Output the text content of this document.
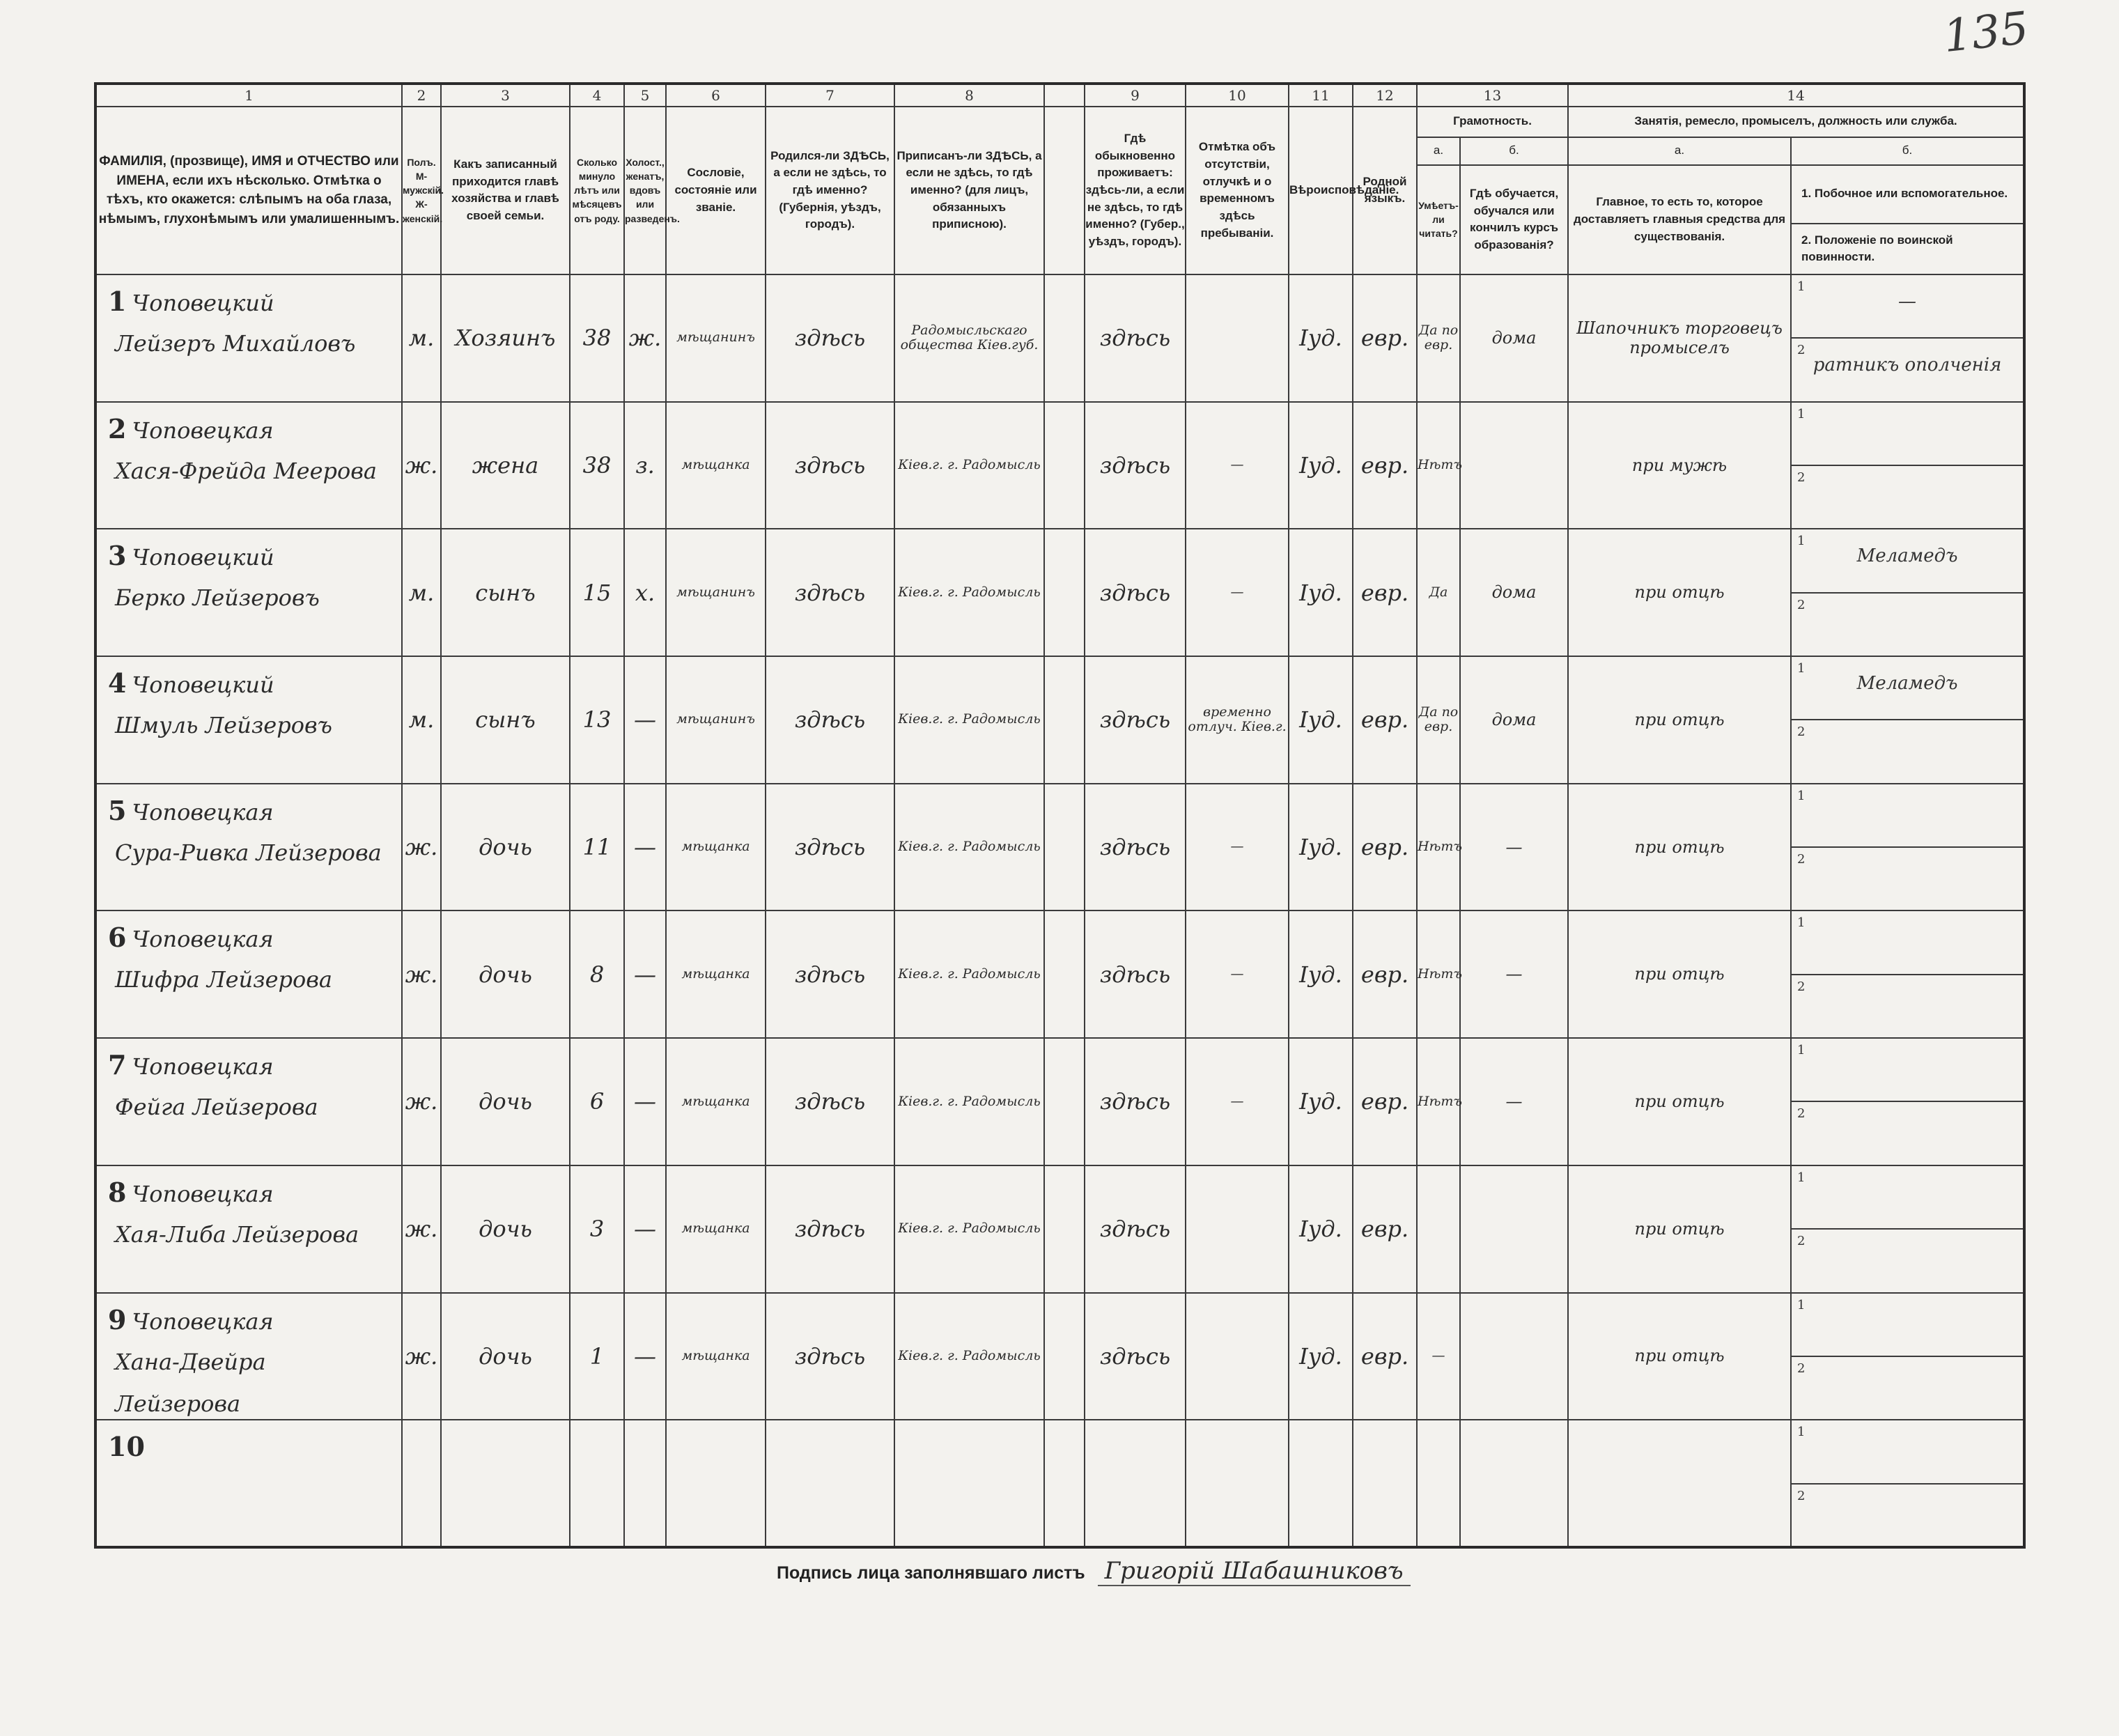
135
1	2	3	4	5	6	7	8		9	10	11	12	13		14	
ФАМИЛІЯ, (прозвище), ИМЯ и ОТЧЕСТВО или ИМЕНА, если ихъ нѣсколько. Отмѣтка о тѣхъ, кто окажется: слѣпымъ на оба глаза, нѣмымъ, глухонѣмымъ или умалишеннымъ.	Полъ. М-мужскій. Ж-женскій.	Какъ записанный приходится главѣ хозяйства и главѣ своей семьи.	Сколько минуло лѣтъ или мѣсяцевъ отъ роду.	Холост., женатъ, вдовъ или разведенъ.	Сословіе, состояніе или званіе.	Родился-ли ЗДѢСЬ, а если не здѣсь, то гдѣ именно? (Губернія, уѣздъ, городъ).	Приписанъ-ли ЗДѢСЬ, а если не здѣсь, то гдѣ именно? (для лицъ, обязанныхъ приписною).		Гдѣ обыкновенно проживаетъ: здѣсь-ли, а если не здѣсь, то гдѣ именно? (Губер., уѣздъ, городъ).	Отмѣтка объ отсутствіи, отлучкѣ и о временномъ здѣсь пребываніи.	Вѣроисповѣданіе.	Родной языкъ.	Грамотность.		Занятія, ремесло, промыселъ, должность или служба.	
													а.	б.	а.	б.
													Умѣетъ-ли читать?	Гдѣ обучается, обучался или кончилъ курсъ образованія?	Главное, то есть то, которое доставляетъ главныя средства для существованія.	1. Побочное или вспомогательное.
																2. Положеніе по воинской повинности.

1 Чоповецкий
Лейзеръ Михайловъ	м.	Хозяинъ	38	ж.	мѣщанинъ	здѣсь	Радомысльскаго общества Кiев.губ.		здѣсь		Іуд.	евр.	Да по евр.	дома	Шапочникъ торговецъ промыселъ	1
—

																2
ратникъ ополченiя

2 Чоповецкая
Хася-Фрейда Меерова	ж.	жена	38	з.	мѣщанка	здѣсь	Кiев.г. г. Радомысль		здѣсь	—	Іуд.	евр.	Нѣтъ		при мужѣ	1

																2

3 Чоповецкий
Берко Лейзеровъ	м.	сынъ	15	х.	мѣщанинъ	здѣсь	Кiев.г. г. Радомысль		здѣсь	—	Іуд.	евр.	Да	дома	при отцѣ	1
Меламедъ

																2

4 Чоповецкий
Шмуль Лейзеровъ	м.	сынъ	13	—	мѣщанинъ	здѣсь	Кiев.г. г. Радомысль		здѣсь	временно отлуч. Кiев.г.	Іуд.	евр.	Да по евр.	дома	при отцѣ	1
Меламедъ

																2

5 Чоповецкая
Сура-Ривка Лейзерова	ж.	дочь	11	—	мѣщанка	здѣсь	Кiев.г. г. Радомысль		здѣсь	—	Іуд.	евр.	Нѣтъ	—	при отцѣ	1

																2

6 Чоповецкая
Шифра Лейзерова	ж.	дочь	8	—	мѣщанка	здѣсь	Кiев.г. г. Радомысль		здѣсь	—	Іуд.	евр.	Нѣтъ	—	при отцѣ	1

																2

7 Чоповецкая
Фейга Лейзерова	ж.	дочь	6	—	мѣщанка	здѣсь	Кiев.г. г. Радомысль		здѣсь	—	Іуд.	евр.	Нѣтъ	—	при отцѣ	1

																2

8 Чоповецкая
Хая-Либа Лейзерова	ж.	дочь	3	—	мѣщанка	здѣсь	Кiев.г. г. Радомысль		здѣсь		Іуд.	евр.			при отцѣ	1

																2

9 Чоповецкая
Хана-Двейра Лейзерова	ж.	дочь	1	—	мѣщанка	здѣсь	Кiев.г. г. Радомысль		здѣсь		Іуд.	евр.	—		при отцѣ	1

																2

10																1

																2
Подпись лица заполнявшаго листъ Григорiй Шабашниковъ
